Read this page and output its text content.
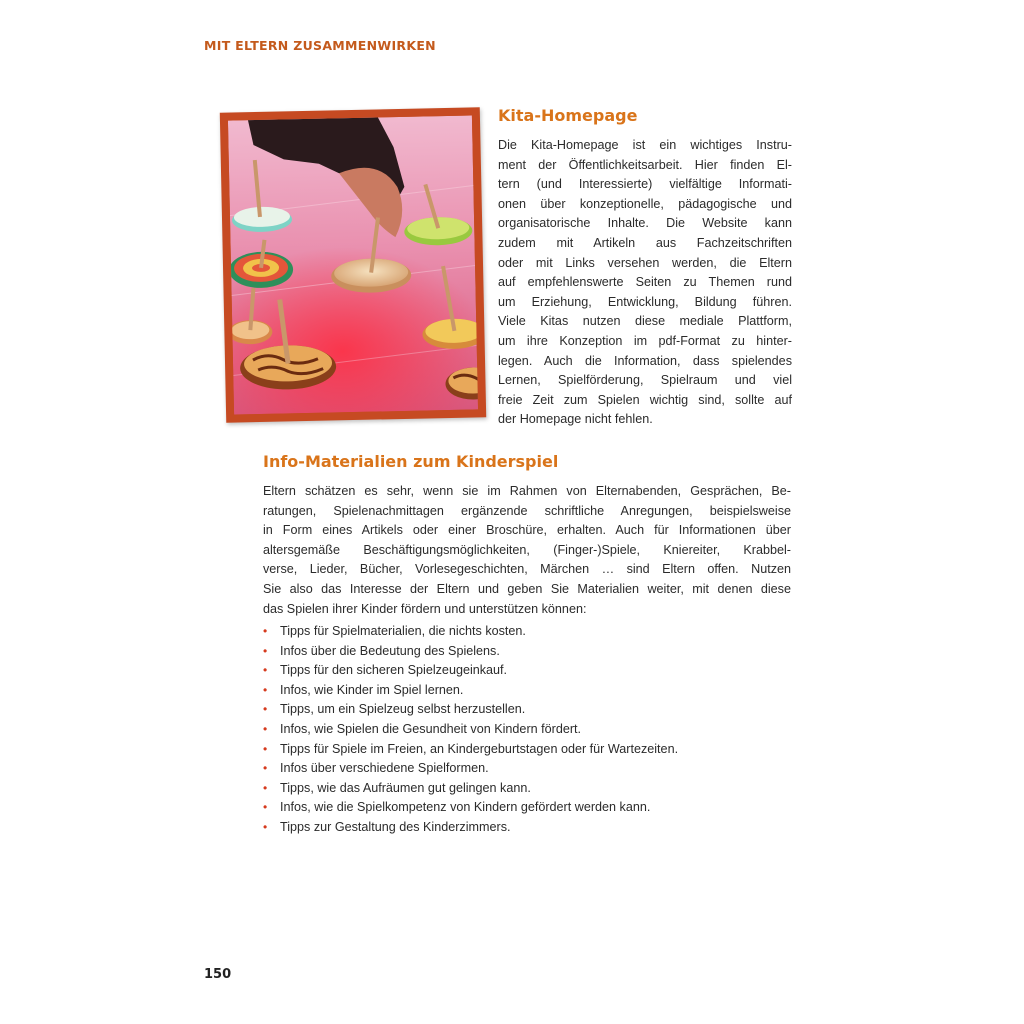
MIT ELTERN ZUSAMMENWIRKEN
Kita-Homepage
Die Kita-Homepage ist ein wichtiges Instru-
ment der Öffentlichkeitsarbeit. Hier finden El-
tern (und Interessierte) vielfältige Informati-
onen über konzeptionelle, pädagogische und
organisatorische Inhalte. Die Website kann
zudem mit Artikeln aus Fachzeitschriften
oder mit Links versehen werden, die Eltern
auf empfehlenswerte Seiten zu Themen rund
um Erziehung, Entwicklung, Bildung führen.
Viele Kitas nutzen diese mediale Plattform,
um ihre Konzeption im pdf-Format zu hinter-
legen. Auch die Information, dass spielendes
Lernen, Spielförderung, Spielraum und viel
freie Zeit zum Spielen wichtig sind, sollte auf
der Homepage nicht fehlen.
Info-Materialien zum Kinderspiel
Eltern schätzen es sehr, wenn sie im Rahmen von Elternabenden, Gesprächen, Be-
ratungen, Spielenachmittagen ergänzende schriftliche Anregungen, beispielsweise
in Form eines Artikels oder einer Broschüre, erhalten. Auch für Informationen über
altersgemäße Beschäftigungsmöglichkeiten, (Finger-)Spiele, Kniereiter, Krabbel-
verse, Lieder, Bücher, Vorlesegeschichten, Märchen … sind Eltern offen. Nutzen
Sie also das Interesse der Eltern und geben Sie Materialien weiter, mit denen diese
das Spielen ihrer Kinder fördern und unterstützen können:
• Tipps für Spielmaterialien, die nichts kosten.
• Infos über die Bedeutung des Spielens.
• Tipps für den sicheren Spielzeugeinkauf.
• Infos, wie Kinder im Spiel lernen.
• Tipps, um ein Spielzeug selbst herzustellen.
• Infos, wie Spielen die Gesundheit von Kindern fördert.
• Tipps für Spiele im Freien, an Kindergeburtstagen oder für Wartezeiten.
• Infos über verschiedene Spielformen.
• Tipps, wie das Aufräumen gut gelingen kann.
• Infos, wie die Spielkompetenz von Kindern gefördert werden kann.
• Tipps zur Gestaltung des Kinderzimmers.
150
